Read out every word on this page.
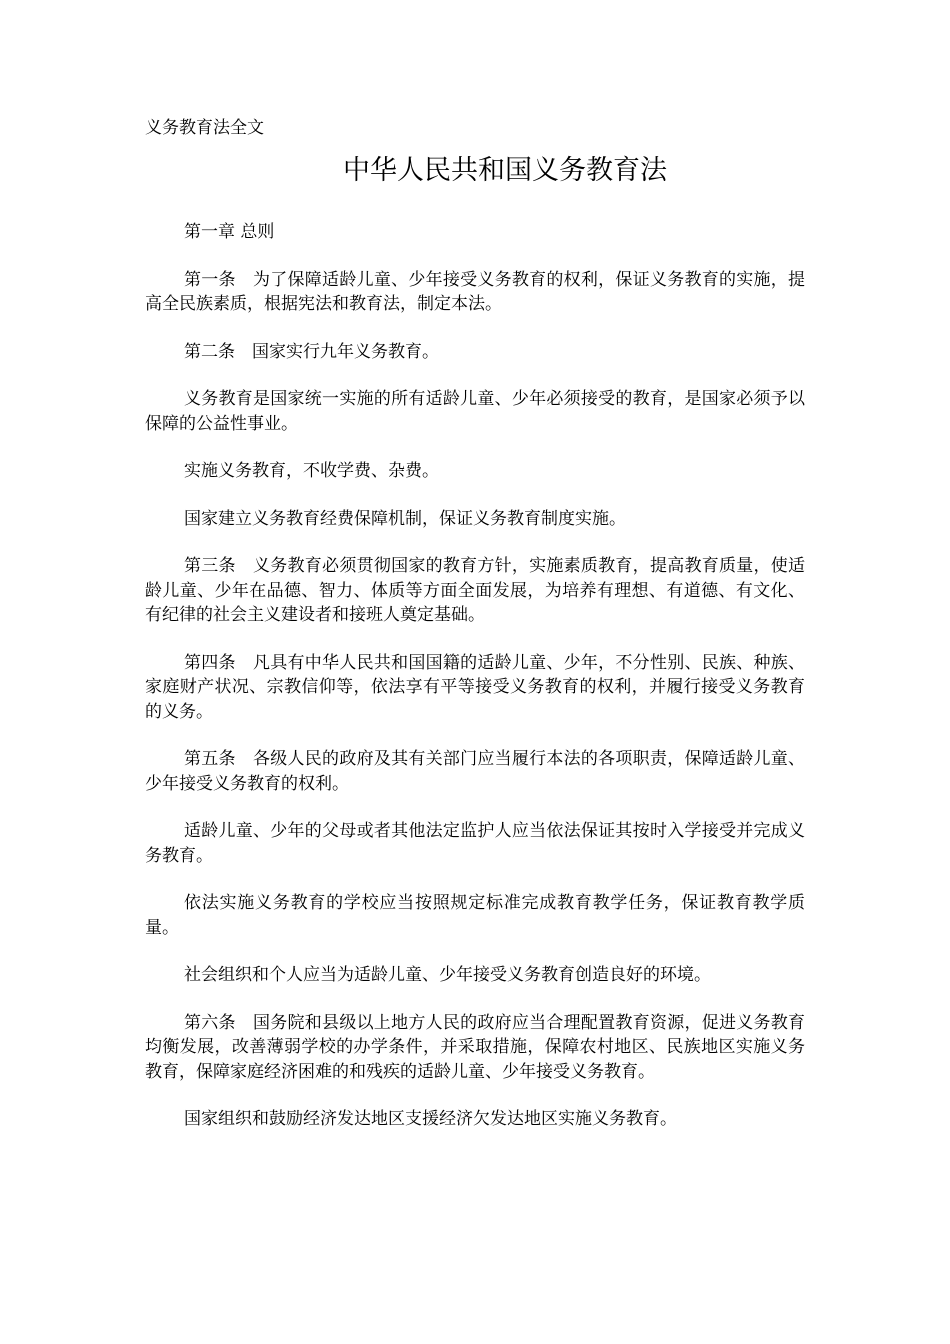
义务教育法全文
中华人民共和国义务教育法

第一章 总则

第一条　为了保障适龄儿童、少年接受义务教育的权利，保证义务教育的实施，提高全民族素质，根据宪法和教育法，制定本法。

第二条　国家实行九年义务教育。

义务教育是国家统一实施的所有适龄儿童、少年必须接受的教育，是国家必须予以保障的公益性事业。

实施义务教育，不收学费、杂费。

国家建立义务教育经费保障机制，保证义务教育制度实施。

第三条　义务教育必须贯彻国家的教育方针，实施素质教育，提高教育质量，使适龄儿童、少年在品德、智力、体质等方面全面发展，为培养有理想、有道德、有文化、有纪律的社会主义建设者和接班人奠定基础。

第四条　凡具有中华人民共和国国籍的适龄儿童、少年，不分性别、民族、种族、家庭财产状况、宗教信仰等，依法享有平等接受义务教育的权利，并履行接受义务教育的义务。

第五条　各级人民的政府及其有关部门应当履行本法的各项职责，保障适龄儿童、少年接受义务教育的权利。

适龄儿童、少年的父母或者其他法定监护人应当依法保证其按时入学接受并完成义务教育。

依法实施义务教育的学校应当按照规定标准完成教育教学任务，保证教育教学质量。

社会组织和个人应当为适龄儿童、少年接受义务教育创造良好的环境。

第六条　国务院和县级以上地方人民的政府应当合理配置教育资源，促进义务教育均衡发展，改善薄弱学校的办学条件，并采取措施，保障农村地区、民族地区实施义务教育，保障家庭经济困难的和残疾的适龄儿童、少年接受义务教育。

国家组织和鼓励经济发达地区支援经济欠发达地区实施义务教育。
